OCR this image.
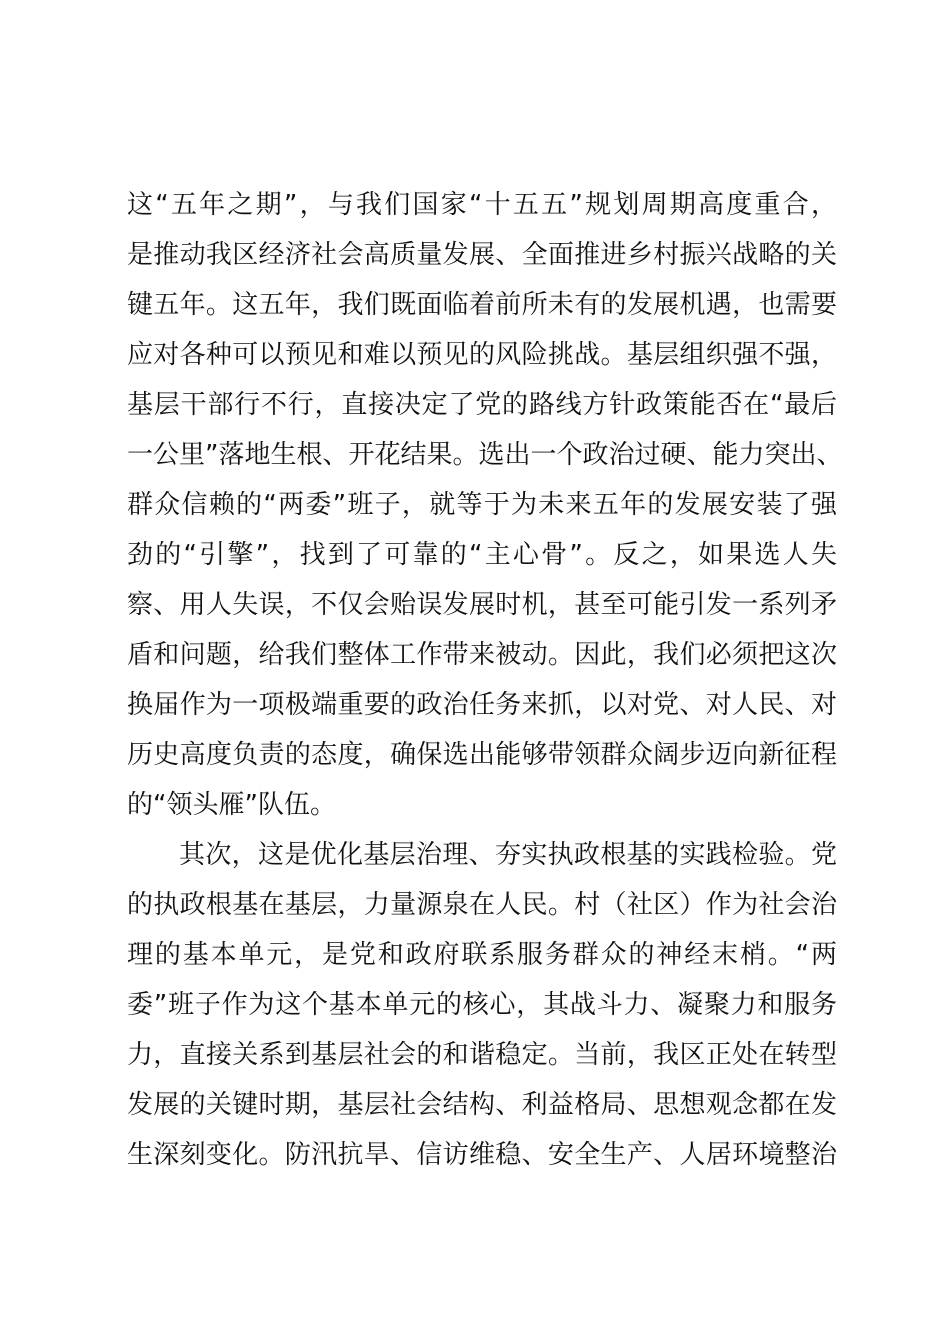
这“五年之期”，与我们国家“十五五”规划周期高度重合，
是推动我区经济社会高质量发展、全面推进乡村振兴战略的关
键五年。这五年，我们既面临着前所未有的发展机遇，也需要
应对各种可以预见和难以预见的风险挑战。基层组织强不强，
基层干部行不行，直接决定了党的路线方针政策能否在“最后
一公里”落地生根、开花结果。选出一个政治过硬、能力突出、
群众信赖的“两委”班子，就等于为未来五年的发展安装了强
劲的“引擎”，找到了可靠的“主心骨”。反之，如果选人失
察、用人失误，不仅会贻误发展时机，甚至可能引发一系列矛
盾和问题，给我们整体工作带来被动。因此，我们必须把这次
换届作为一项极端重要的政治任务来抓，以对党、对人民、对
历史高度负责的态度，确保选出能够带领群众阔步迈向新征程
的“领头雁”队伍。
其次，这是优化基层治理、夯实执政根基的实践检验。党
的执政根基在基层，力量源泉在人民。村（社区）作为社会治
理的基本单元，是党和政府联系服务群众的神经末梢。“两
委”班子作为这个基本单元的核心，其战斗力、凝聚力和服务
力，直接关系到基层社会的和谐稳定。当前，我区正处在转型
发展的关键时期，基层社会结构、利益格局、思想观念都在发
生深刻变化。防汛抗旱、信访维稳、安全生产、人居环境整治
